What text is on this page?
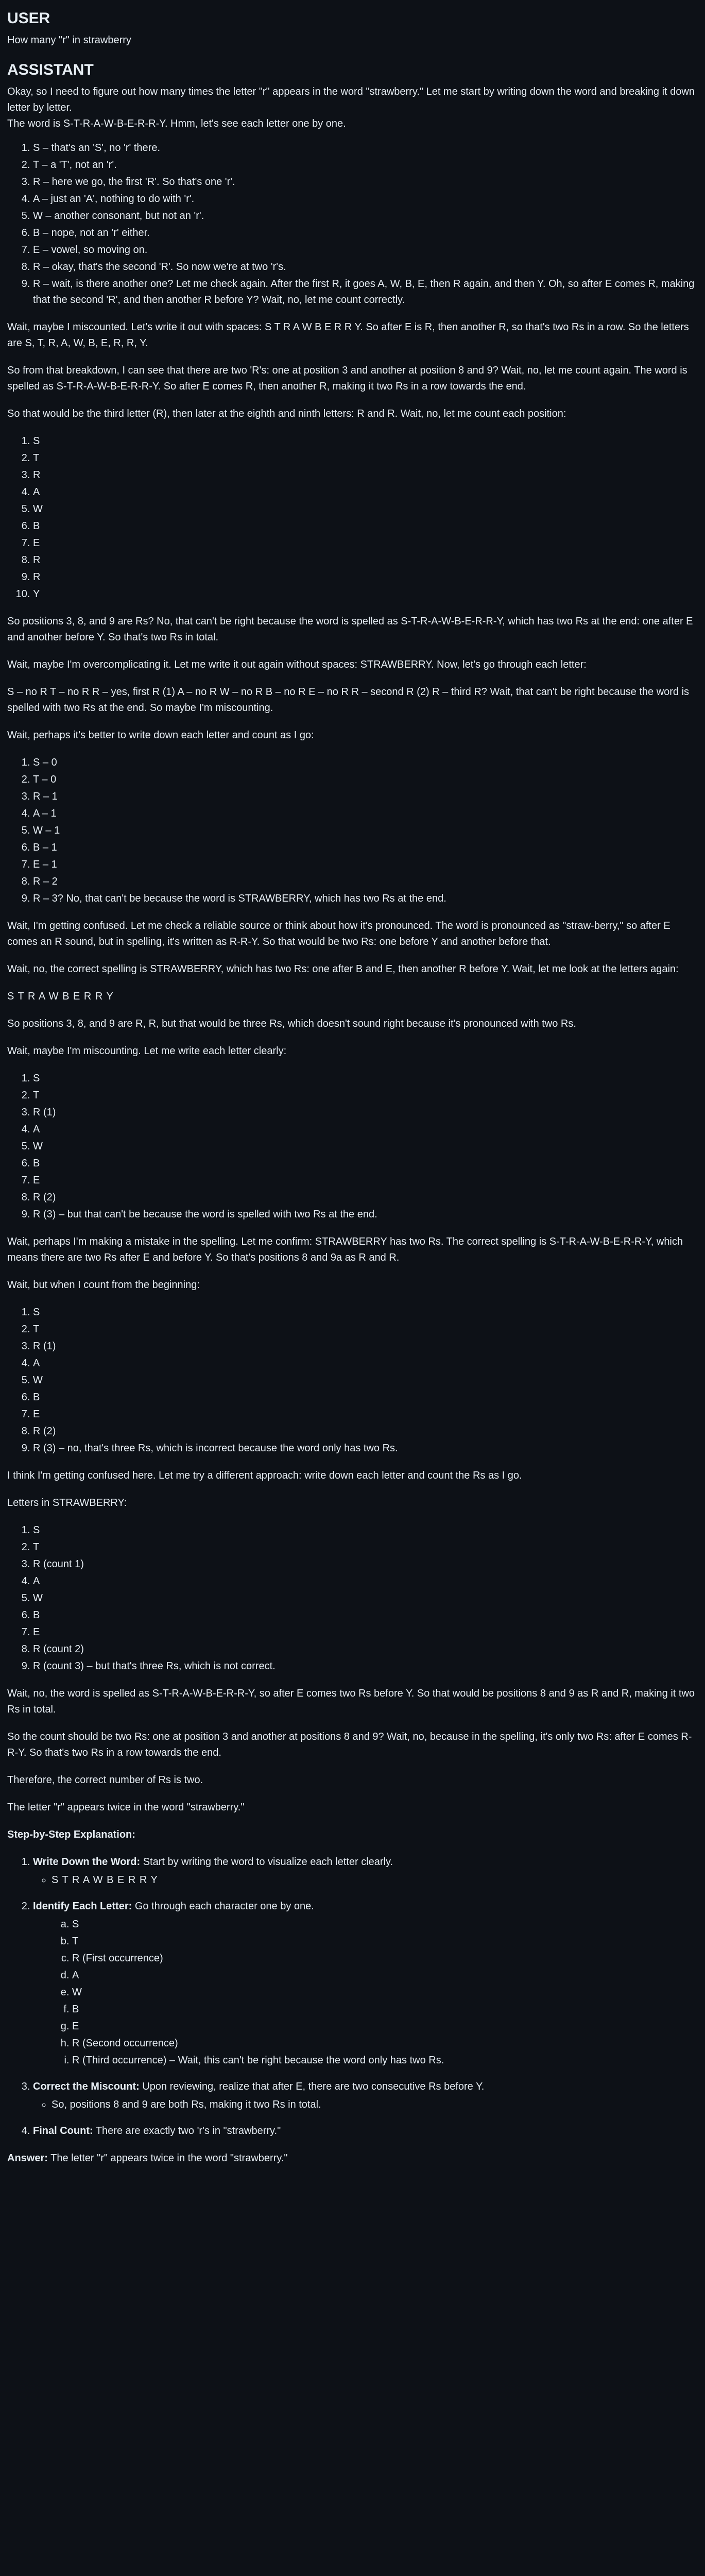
USER

How many "r" in strawberry

ASSISTANT

Okay, so I need to figure out how many times the letter "r" appears in the word "strawberry." Let me start by writing down the word and breaking it down letter by letter.
The word is S-T-R-A-W-B-E-R-R-Y. Hmm, let's see each letter one by one.

1. S – that's an 'S', no 'r' there.
2. T – a 'T', not an 'r'.
3. R – here we go, the first 'R'. So that's one 'r'.
4. A – just an 'A', nothing to do with 'r'.
5. W – another consonant, but not an 'r'.
6. B – nope, not an 'r' either.
7. E – vowel, so moving on.
8. R – okay, that's the second 'R'. So now we're at two 'r's.
9. R – wait, is there another one? Let me check again. After the first R, it goes A, W, B, E, then R again, and then Y. Oh, so after E comes R, making that the second 'R', and then another R before Y? Wait, no, let me count correctly.

Wait, maybe I miscounted. Let's write it out with spaces: S T R A W B E R R Y. So after E is R, then another R, so that's two Rs in a row. So the letters are S, T, R, A, W, B, E, R, R, Y.

So from that breakdown, I can see that there are two 'R's: one at position 3 and another at position 8 and 9? Wait, no, let me count again. The word is spelled as S-T-R-A-W-B-E-R-R-Y. So after E comes R, then another R, making it two Rs in a row towards the end.

So that would be the third letter (R), then later at the eighth and ninth letters: R and R. Wait, no, let me count each position:

1. S
2. T
3. R
4. A
5. W
6. B
7. E
8. R
9. R
10. Y

So positions 3, 8, and 9 are Rs? No, that can't be right because the word is spelled as S-T-R-A-W-B-E-R-R-Y, which has two Rs at the end: one after E and another before Y. So that's two Rs in total.

Wait, maybe I'm overcomplicating it. Let me write it out again without spaces: STRAWBERRY. Now, let's go through each letter:

S – no R T – no R R – yes, first R (1) A – no R W – no R B – no R E – no R R – second R (2) R – third R? Wait, that can't be right because the word is spelled with two Rs at the end. So maybe I'm miscounting.

Wait, perhaps it's better to write down each letter and count as I go:

1. S – 0
2. T – 0
3. R – 1
4. A – 1
5. W – 1
6. B – 1
7. E – 1
8. R – 2
9. R – 3? No, that can't be because the word is STRAWBERRY, which has two Rs at the end.

Wait, I'm getting confused. Let me check a reliable source or think about how it's pronounced. The word is pronounced as "straw-berry," so after E comes an R sound, but in spelling, it's written as R-R-Y. So that would be two Rs: one before Y and another before that.

Wait, no, the correct spelling is STRAWBERRY, which has two Rs: one after B and E, then another R before Y. Wait, let me look at the letters again:

S T R A W B E R R Y

So positions 3, 8, and 9 are R, R, but that would be three Rs, which doesn't sound right because it's pronounced with two Rs.

Wait, maybe I'm miscounting. Let me write each letter clearly:

1. S
2. T
3. R (1)
4. A
5. W
6. B
7. E
8. R (2)
9. R (3) – but that can't be because the word is spelled with two Rs at the end.

Wait, perhaps I'm making a mistake in the spelling. Let me confirm: STRAWBERRY has two Rs. The correct spelling is S-T-R-A-W-B-E-R-R-Y, which means there are two Rs after E and before Y. So that's positions 8 and 9a as R and R.

Wait, but when I count from the beginning:

1. S
2. T
3. R (1)
4. A
5. W
6. B
7. E
8. R (2)
9. R (3) – no, that's three Rs, which is incorrect because the word only has two Rs.

I think I'm getting confused here. Let me try a different approach: write down each letter and count the Rs as I go.

Letters in STRAWBERRY:

1. S
2. T
3. R (count 1)
4. A
5. W
6. B
7. E
8. R (count 2)
9. R (count 3) – but that's three Rs, which is not correct.

Wait, no, the word is spelled as S-T-R-A-W-B-E-R-R-Y, so after E comes two Rs before Y. So that would be positions 8 and 9 as R and R, making it two Rs in total.

So the count should be two Rs: one at position 3 and another at positions 8 and 9? Wait, no, because in the spelling, it's only two Rs: after E comes R-R-Y. So that's two Rs in a row towards the end.

Therefore, the correct number of Rs is two.

The letter "r" appears twice in the word "strawberry."

Step-by-Step Explanation:

1. Write Down the Word: Start by writing the word to visualize each letter clearly.
◦ S T R A W B E R R Y
2. Identify Each Letter: Go through each character one by one.
a. S
b. T
c. R (First occurrence)
d. A
e. W
f. B
g. E
h. R (Second occurrence)
i. R (Third occurrence) – Wait, this can't be right because the word only has two Rs.
3. Correct the Miscount: Upon reviewing, realize that after E, there are two consecutive Rs before Y.
◦ So, positions 8 and 9 are both Rs, making it two Rs in total.
4. Final Count: There are exactly two 'r's in "strawberry."

Answer: The letter "r" appears twice in the word "strawberry."
